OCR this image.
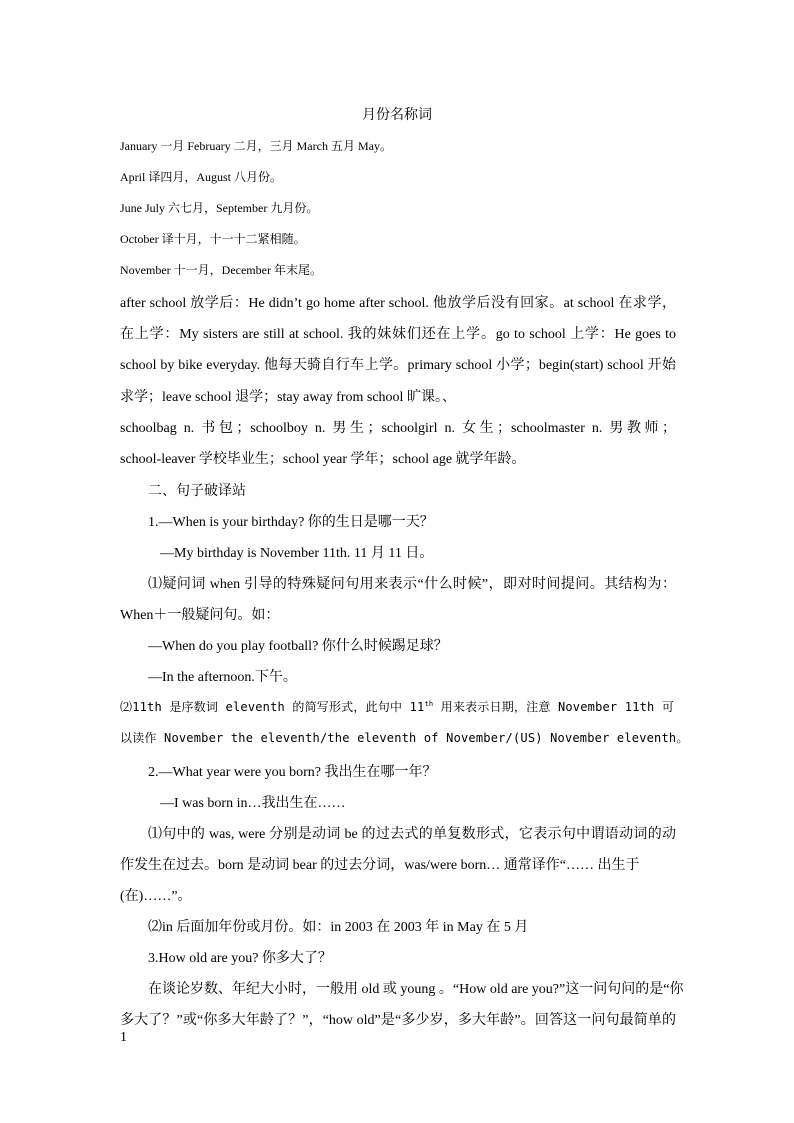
月份名称词
January 一月 February 二月，三月 March 五月 May。
April 译四月，August 八月份。
June July 六七月，September 九月份。
October 译十月，十一十二紧相随。
November 十一月，December 年末尾。
after school 放学后：He didn’t go home after school. 他放学后没有回家。at school 在求学，
在上学：My sisters are still at school. 我的妹妹们还在上学。go to school 上学：He goes to
school by bike everyday. 他每天骑自行车上学。primary school 小学；begin(start) school 开始
求学；leave school 退学；stay away from school 旷课。、
schoolbag n. 书包；schoolboy n. 男生；schoolgirl n. 女生；schoolmaster n. 男教师；
school-leaver 学校毕业生；school year 学年；school age 就学年龄。
二、句子破译站
1.—When is your birthday? 你的生日是哪一天？
—My birthday is November 11th. 11 月 11 日。
⑴疑问词 when 引导的特殊疑问句用来表示“什么时候”，即对时间提问。其结构为：
When＋一般疑问句。如：
—When do you play football? 你什么时候踢足球？
—In the afternoon.下午。
⑵11th 是序数词 eleventh 的简写形式，此句中 11th 用来表示日期，注意 November 11th 可
以读作 November the eleventh/the eleventh of November/(US) November eleventh。
2.—What year were you born? 我出生在哪一年？
—I was born in…我出生在……
⑴句中的 was, were 分别是动词 be 的过去式的单复数形式，它表示句中谓语动词的动
作发生在过去。born 是动词 bear 的过去分词，was/were born… 通常译作“…… 出生于
(在)……”。
⑵in 后面加年份或月份。如：in 2003 在 2003 年 in May 在 5 月
3.How old are you? 你多大了？
在谈论岁数、年纪大小时，一般用 old 或 young 。“How old are you?”这一问句问的是“你
多大了？”或“你多大年龄了？”，“how old”是“多少岁，多大年龄”。回答这一问句最简单的
1
